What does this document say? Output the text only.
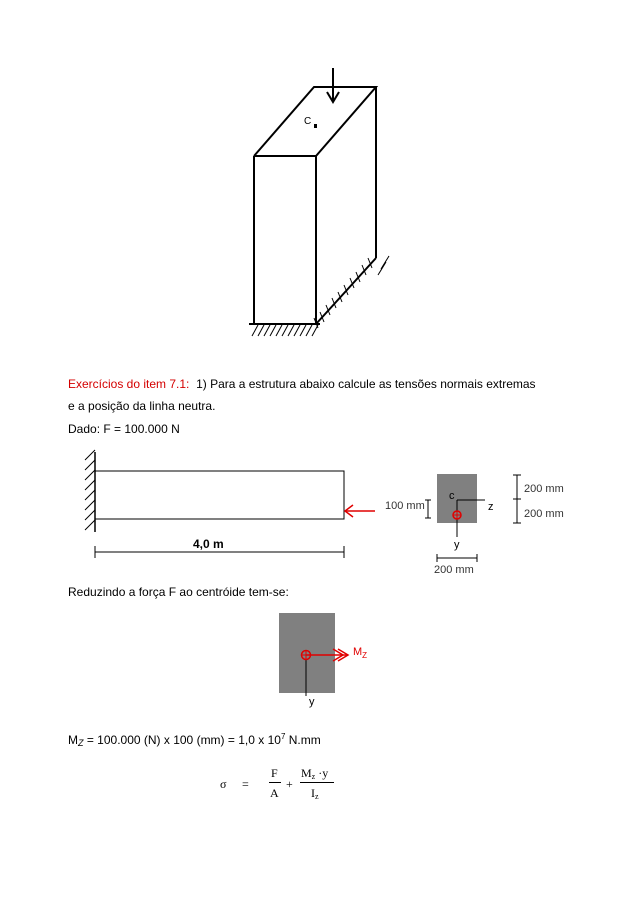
C
Exercícios do item 7.1: 1) Para a estrutura abaixo calcule as tensões normais extremas
e a posição da linha neutra.
Dado: F = 100.000 N
4,0 m
100 mm
c
z
y
200 mm
200 mm
200 mm
Reduzindo a força F ao centróide tem-se:
y
$M_Z$
MZ = 100.000 (N) x 100 (mm) = 1,0 x $10^7$ N.mm
σ =
F
A
+
Mz ·y
Iz
